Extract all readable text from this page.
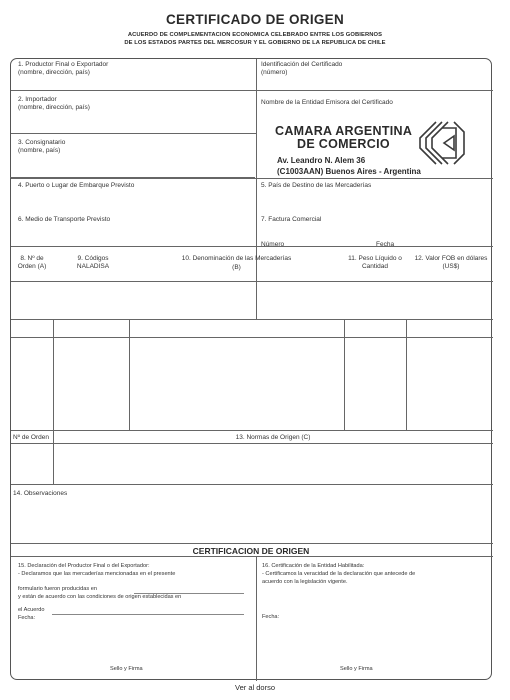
CERTIFICADO DE ORIGEN
ACUERDO DE COMPLEMENTACION ECONOMICA CELEBRADO ENTRE LOS GOBIERNOS
DE LOS ESTADOS PARTES DEL MERCOSUR Y EL GOBIERNO DE LA REPUBLICA DE CHILE
1. Productor Final o Exportador
(nombre, dirección, país)
Identificación del Certificado
(número)
2. Importador
(nombre, dirección, país)
Nombre de la Entidad Emisora del Certificado
3. Consignatario
(nombre, país)
4. Puerto o Lugar de Embarque Previsto	5. País de Destino de las Mercaderías
6. Medio de Transporte Previsto	7. Factura Comercial
Número	Fecha
8. Nº de Orden (A)
9. Códigos NALADISA
10. Denominación de las Mercaderías
(B)
11. Peso Líquido o Cantidad
12. Valor FOB en dólares (US$)
Nº de Orden	13. Normas de Origen (C)
14. Observaciones
CAMARA ARGENTINA
DE COMERCIO
Av. Leandro N. Alem 36
(C1003AAN) Buenos Aires - Argentina
CERTIFICACION DE ORIGEN
15. Declaración del Productor Final o del Exportador:
- Declaramos que las mercaderías mencionadas en el presente
formulario fueron producidas en
y están de acuerdo con las condiciones de origen establecidas en
el Acuerdo
Fecha:
Sello y Firma
16. Certificación de la Entidad Habilitada:
- Certificamos la veracidad de la declaración que antecede de
acuerdo con la legislación vigente.
Fecha:
Sello y Firma
Ver al dorso
